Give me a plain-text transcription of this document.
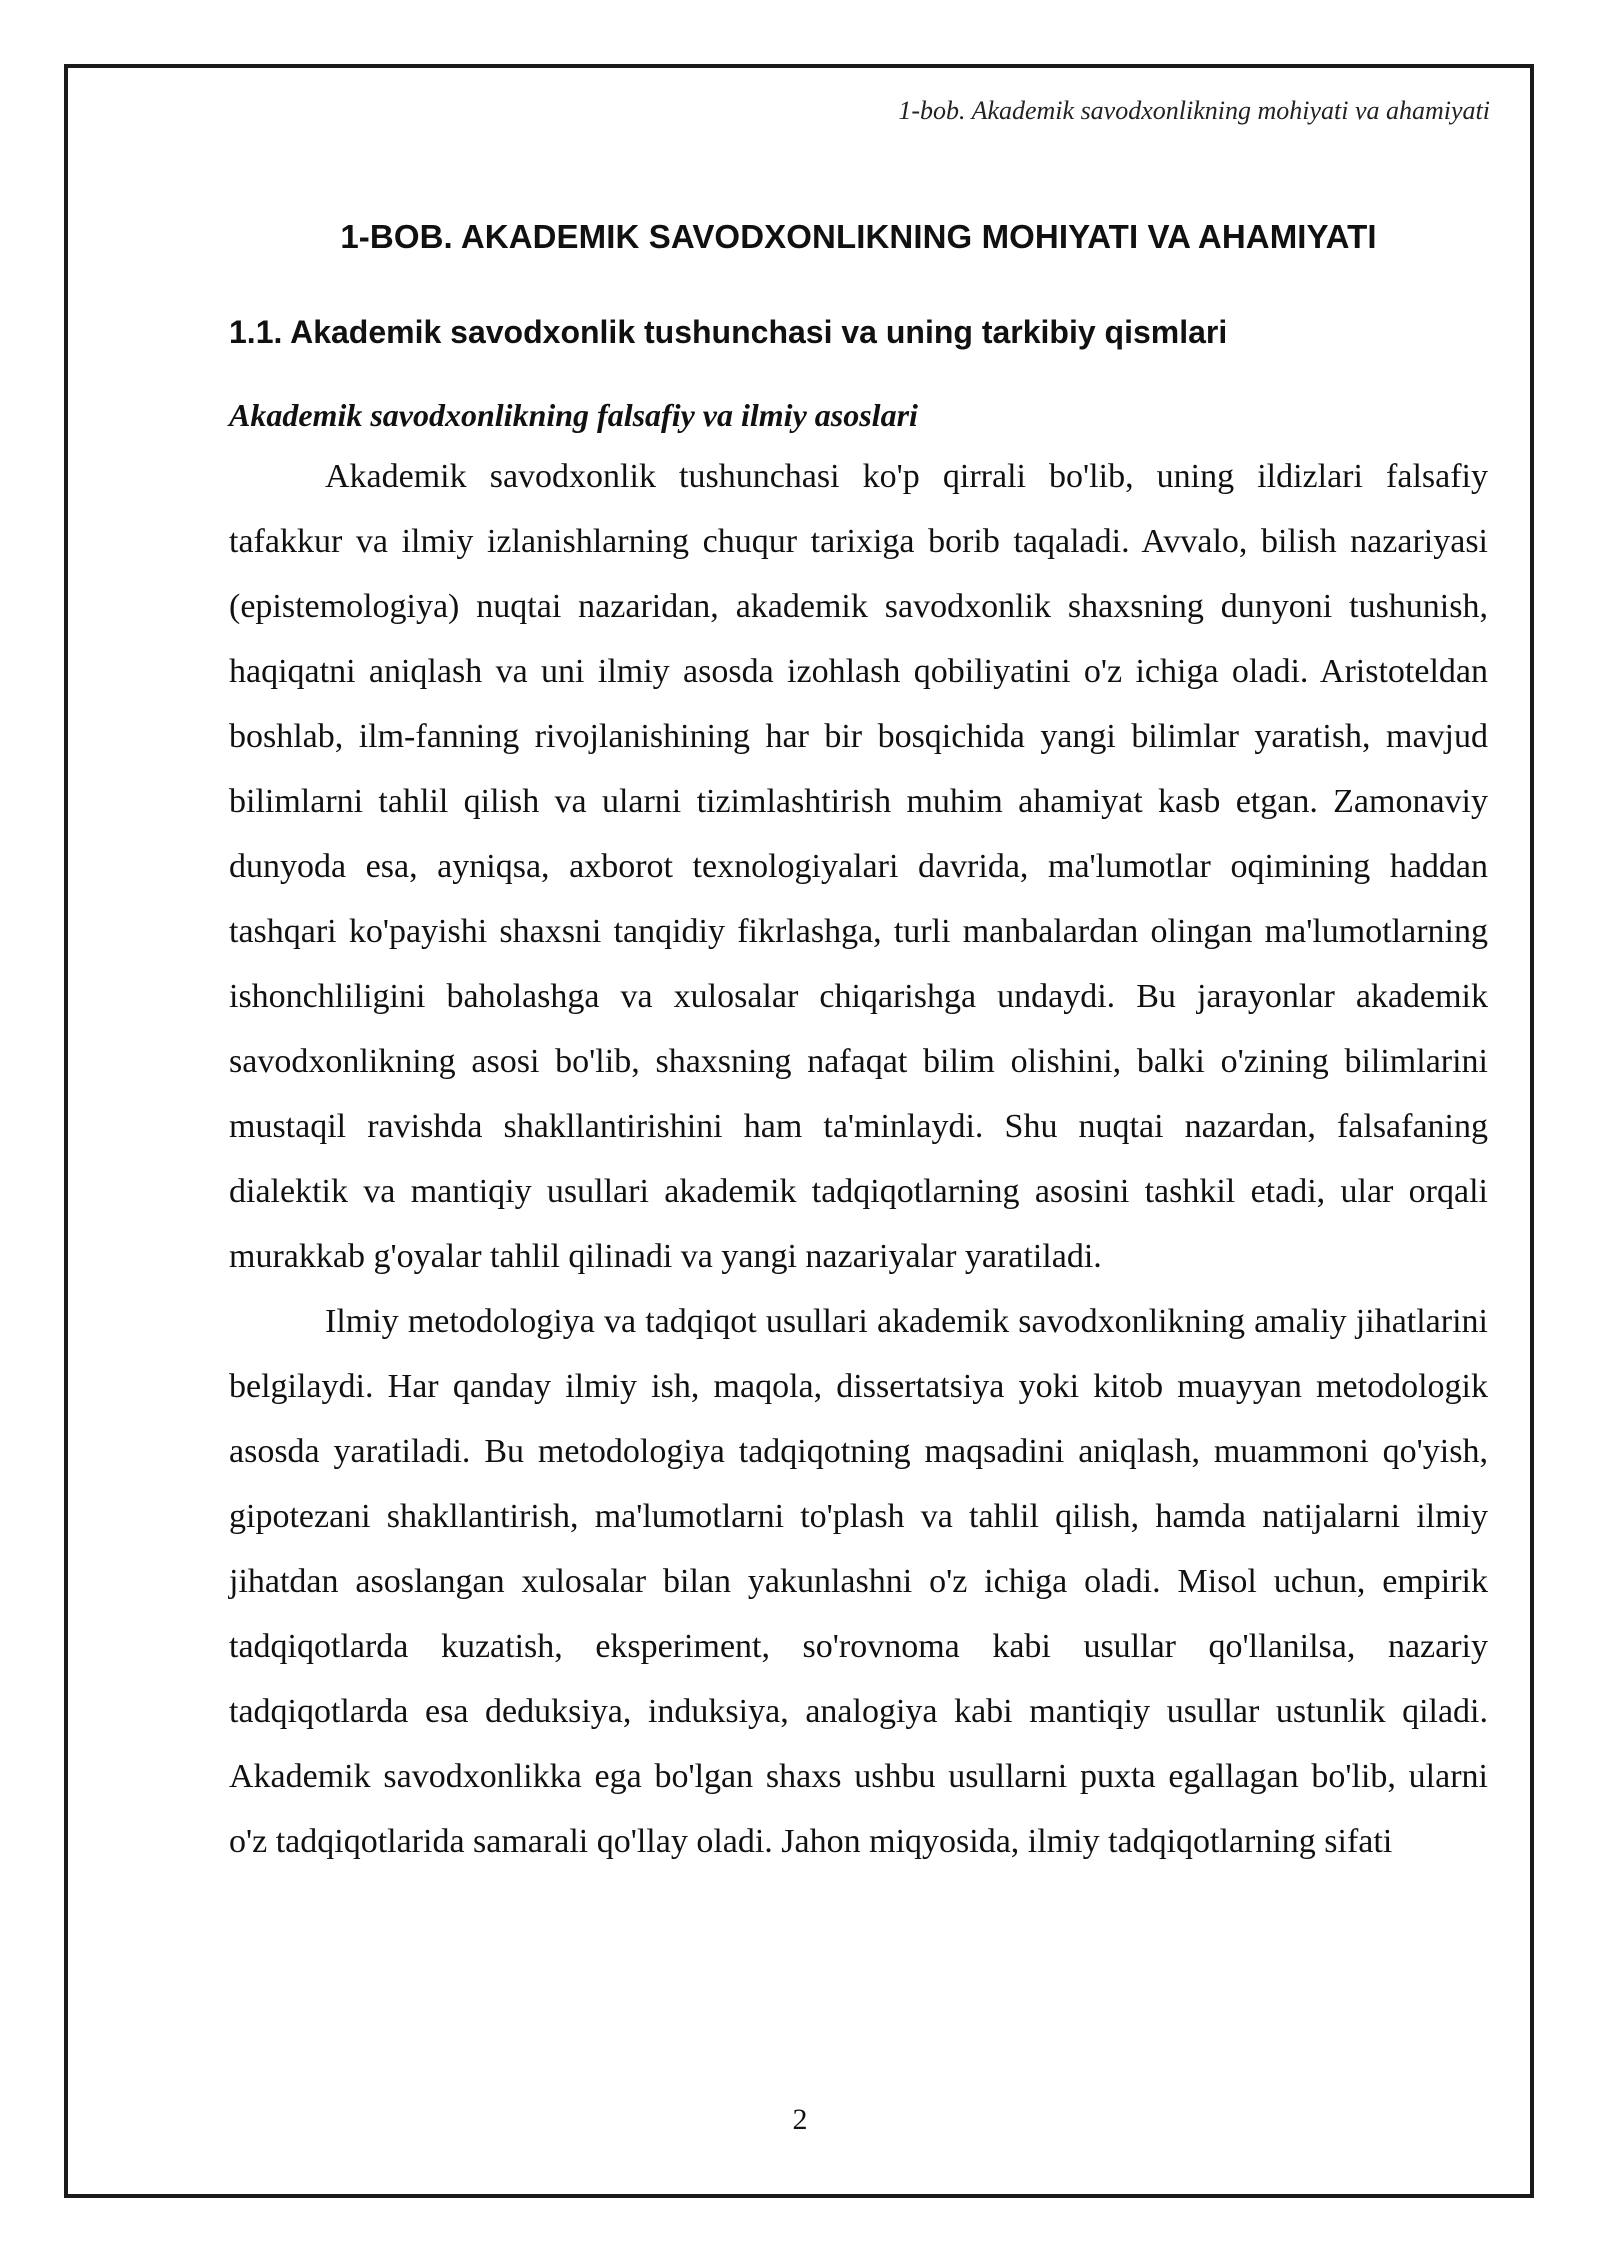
1-bob. Akademik savodxonlikning mohiyati va ahamiyati
1-BOB. AKADEMIK SAVODXONLIKNING MOHIYATI VA AHAMIYATI
1.1. Akademik savodxonlik tushunchasi va uning tarkibiy qismlari
Akademik savodxonlikning falsafiy va ilmiy asoslari

Akademik savodxonlik tushunchasi ko'p qirrali bo'lib, uning ildizlari falsafiy tafakkur va ilmiy izlanishlarning chuqur tarixiga borib taqaladi. Avvalo, bilish nazariyasi (epistemologiya) nuqtai nazaridan, akademik savodxonlik shaxsning dunyoni tushunish, haqiqatni aniqlash va uni ilmiy asosda izohlash qobiliyatini o'z ichiga oladi. Aristoteldan boshlab, ilm-fanning rivojlanishining har bir bosqichida yangi bilimlar yaratish, mavjud bilimlarni tahlil qilish va ularni tizimlashtirish muhim ahamiyat kasb etgan. Zamonaviy dunyoda esa, ayniqsa, axborot texnologiyalari davrida, ma'lumotlar oqimining haddan tashqari ko'payishi shaxsni tanqidiy fikrlashga, turli manbalardan olingan ma'lumotlarning ishonchliligini baholashga va xulosalar chiqarishga undaydi. Bu jarayonlar akademik savodxonlikning asosi bo'lib, shaxsning nafaqat bilim olishini, balki o'zining bilimlarini mustaqil ravishda shakllantirishini ham ta'minlaydi. Shu nuqtai nazardan, falsafaning dialektik va mantiqiy usullari akademik tadqiqotlarning asosini tashkil etadi, ular orqali murakkab g'oyalar tahlil qilinadi va yangi nazariyalar yaratiladi.

Ilmiy metodologiya va tadqiqot usullari akademik savodxonlikning amaliy jihatlarini belgilaydi. Har qanday ilmiy ish, maqola, dissertatsiya yoki kitob muayyan metodologik asosda yaratiladi. Bu metodologiya tadqiqotning maqsadini aniqlash, muammoni qo'yish, gipotezani shakllantirish, ma'lumotlarni to'plash va tahlil qilish, hamda natijalarni ilmiy jihatdan asoslangan xulosalar bilan yakunlashni o'z ichiga oladi. Misol uchun, empirik tadqiqotlarda kuzatish, eksperiment, so'rovnoma kabi usullar qo'llanilsa, nazariy tadqiqotlarda esa deduksiya, induksiya, analogiya kabi mantiqiy usullar ustunlik qiladi. Akademik savodxonlikka ega bo'lgan shaxs ushbu usullarni puxta egallagan bo'lib, ularni o'z tadqiqotlarida samarali qo'llay oladi. Jahon miqyosida, ilmiy tadqiqotlarning sifati

2
